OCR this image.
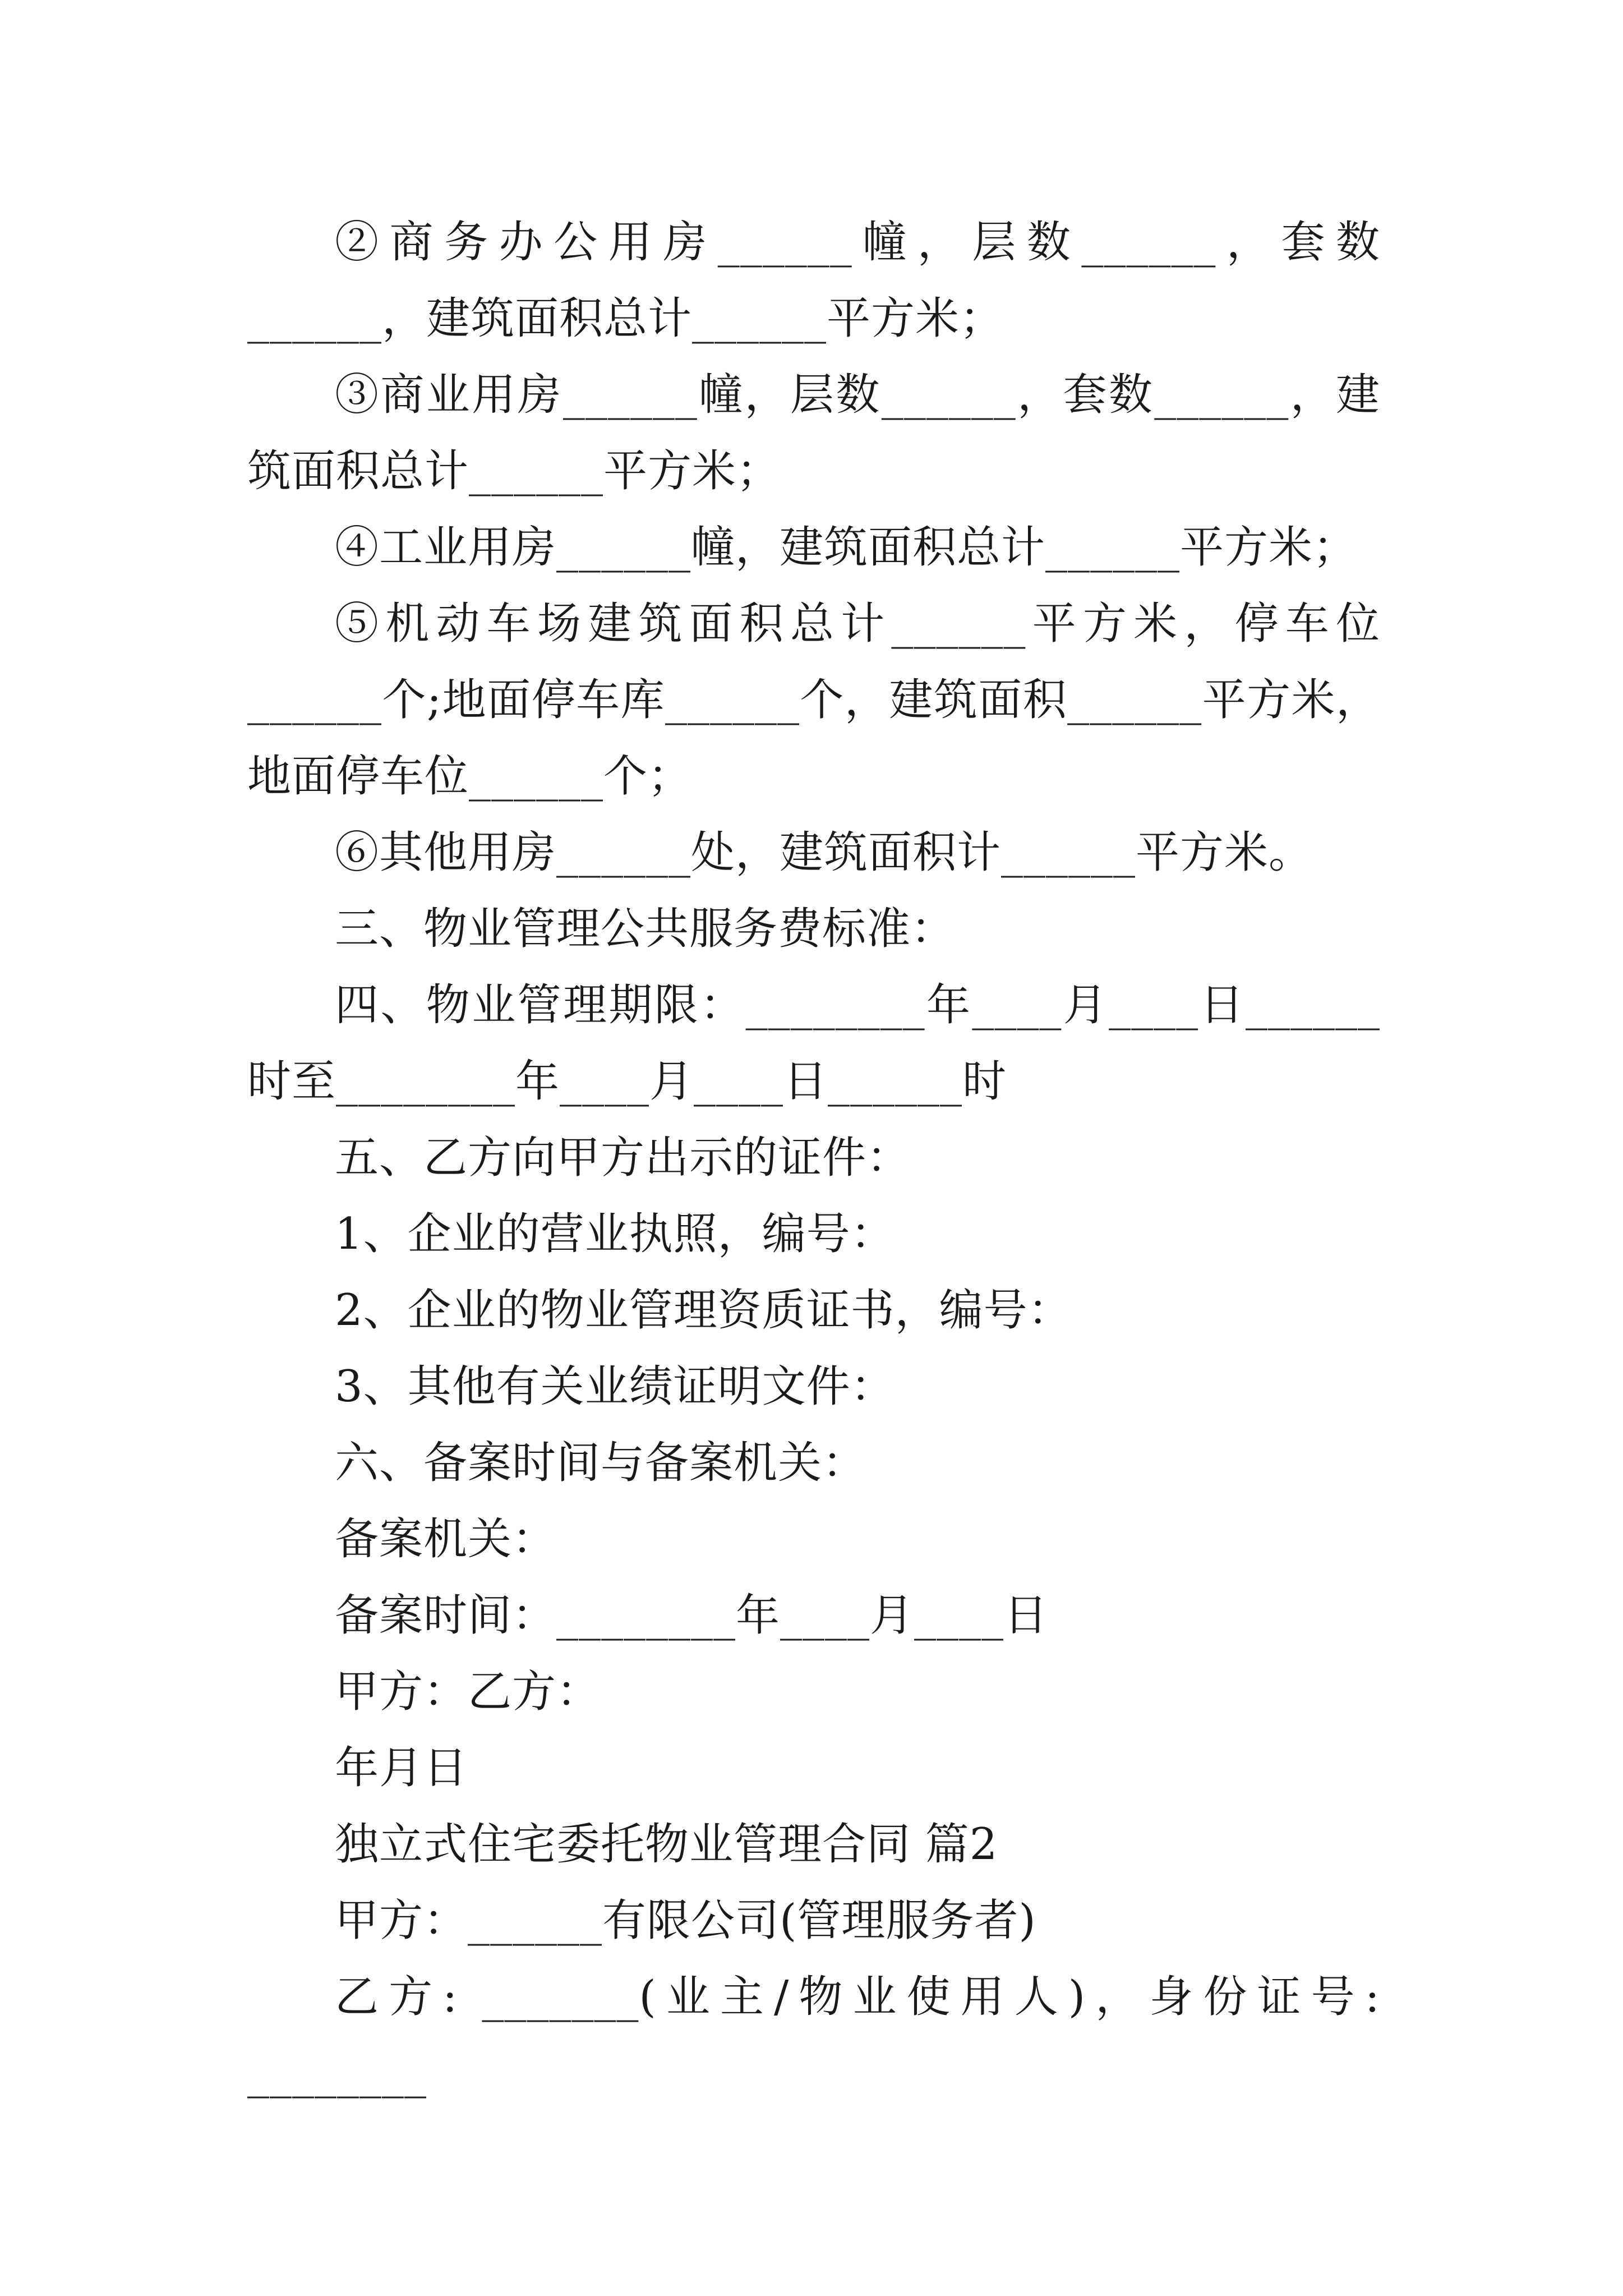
②商务办公用房______幢，层数______，套数______，建筑面积总计______平方米；

③商业用房______幢，层数______，套数______，建筑面积总计______平方米；

④工业用房______幢，建筑面积总计______平方米；

⑤机动车场建筑面积总计______平方米，停车位______个;地面停车库______个，建筑面积______平方米，地面停车位______个；

⑥其他用房______处，建筑面积计______平方米。

三、物业管理公共服务费标准：

四、物业管理期限：________年____月____日______时至________年____月____日______时

五、乙方向甲方出示的证件：

1、企业的营业执照，编号：

2、企业的物业管理资质证书，编号：

3、其他有关业绩证明文件：

六、备案时间与备案机关：

备案机关：

备案时间：________年____月____日

甲方：乙方：

年月日

独立式住宅委托物业管理合同 篇2

甲方：______有限公司(管理服务者)

乙方: _______(业主/物业使用人)，身份证号: ________
